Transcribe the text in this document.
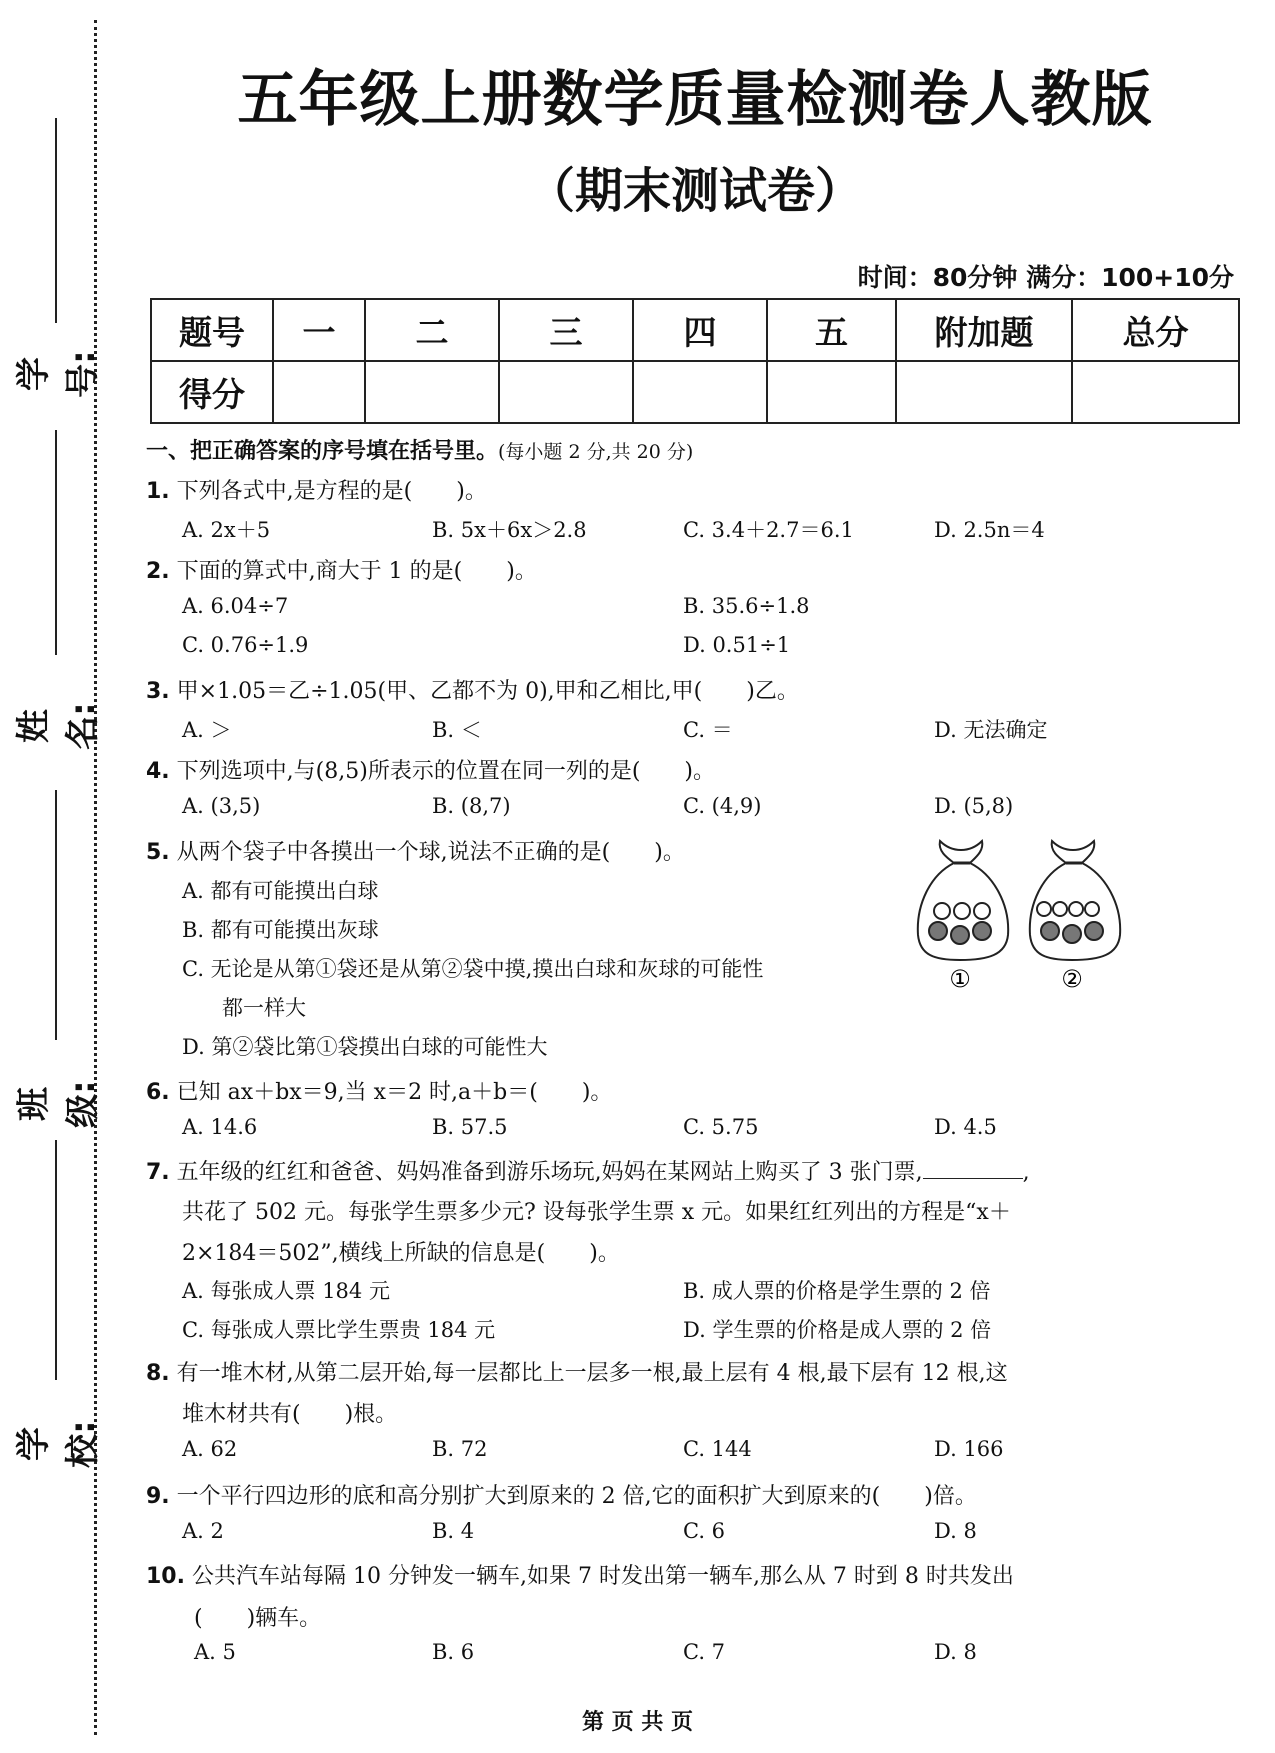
学号:
姓名:
班级:
学校:
五年级上册数学质量检测卷人教版
（期末测试卷）
时间：80分钟 满分：100+10分
题号	一	二	三	四	五	附加题	总分
得分							
一、把正确答案的序号填在括号里。(每小题 2 分,共 20 分)
1. 下列各式中,是方程的是(　　)。
A. 2x＋5	B. 5x＋6x＞2.8	C. 3.4＋2.7＝6.1	D. 2.5n＝4
2. 下面的算式中,商大于 1 的是(　　)。
A. 6.04÷7	B. 35.6÷1.8
C. 0.76÷1.9	D. 0.51÷1
3. 甲×1.05＝乙÷1.05(甲、乙都不为 0),甲和乙相比,甲(　　)乙。
A. ＞	B. ＜	C. ＝	D. 无法确定
4. 下列选项中,与(8,5)所表示的位置在同一列的是(　　)。
A. (3,5)	B. (8,7)	C. (4,9)	D. (5,8)
5. 从两个袋子中各摸出一个球,说法不正确的是(　　)。
A. 都有可能摸出白球
B. 都有可能摸出灰球
C. 无论是从第①袋还是从第②袋中摸,摸出白球和灰球的可能性
都一样大
D. 第②袋比第①袋摸出白球的可能性大
①	②
6. 已知 ax＋bx＝9,当 x＝2 时,a＋b＝(　　)。
A. 14.6	B. 57.5	C. 5.75	D. 4.5
7. 五年级的红红和爸爸、妈妈准备到游乐场玩,妈妈在某网站上购买了 3 张门票,	,
共花了 502 元。每张学生票多少元? 设每张学生票 x 元。如果红红列出的方程是“x＋
2×184＝502”,横线上所缺的信息是(　　)。
A. 每张成人票 184 元	B. 成人票的价格是学生票的 2 倍
C. 每张成人票比学生票贵 184 元	D. 学生票的价格是成人票的 2 倍
8. 有一堆木材,从第二层开始,每一层都比上一层多一根,最上层有 4 根,最下层有 12 根,这
堆木材共有(　　)根。
A. 62	B. 72	C. 144	D. 166
9. 一个平行四边形的底和高分别扩大到原来的 2 倍,它的面积扩大到原来的(　　)倍。
A. 2	B. 4	C. 6	D. 8
10. 公共汽车站每隔 10 分钟发一辆车,如果 7 时发出第一辆车,那么从 7 时到 8 时共发出
(　　)辆车。
A. 5	B. 6	C. 7	D. 8
第 页 共 页
